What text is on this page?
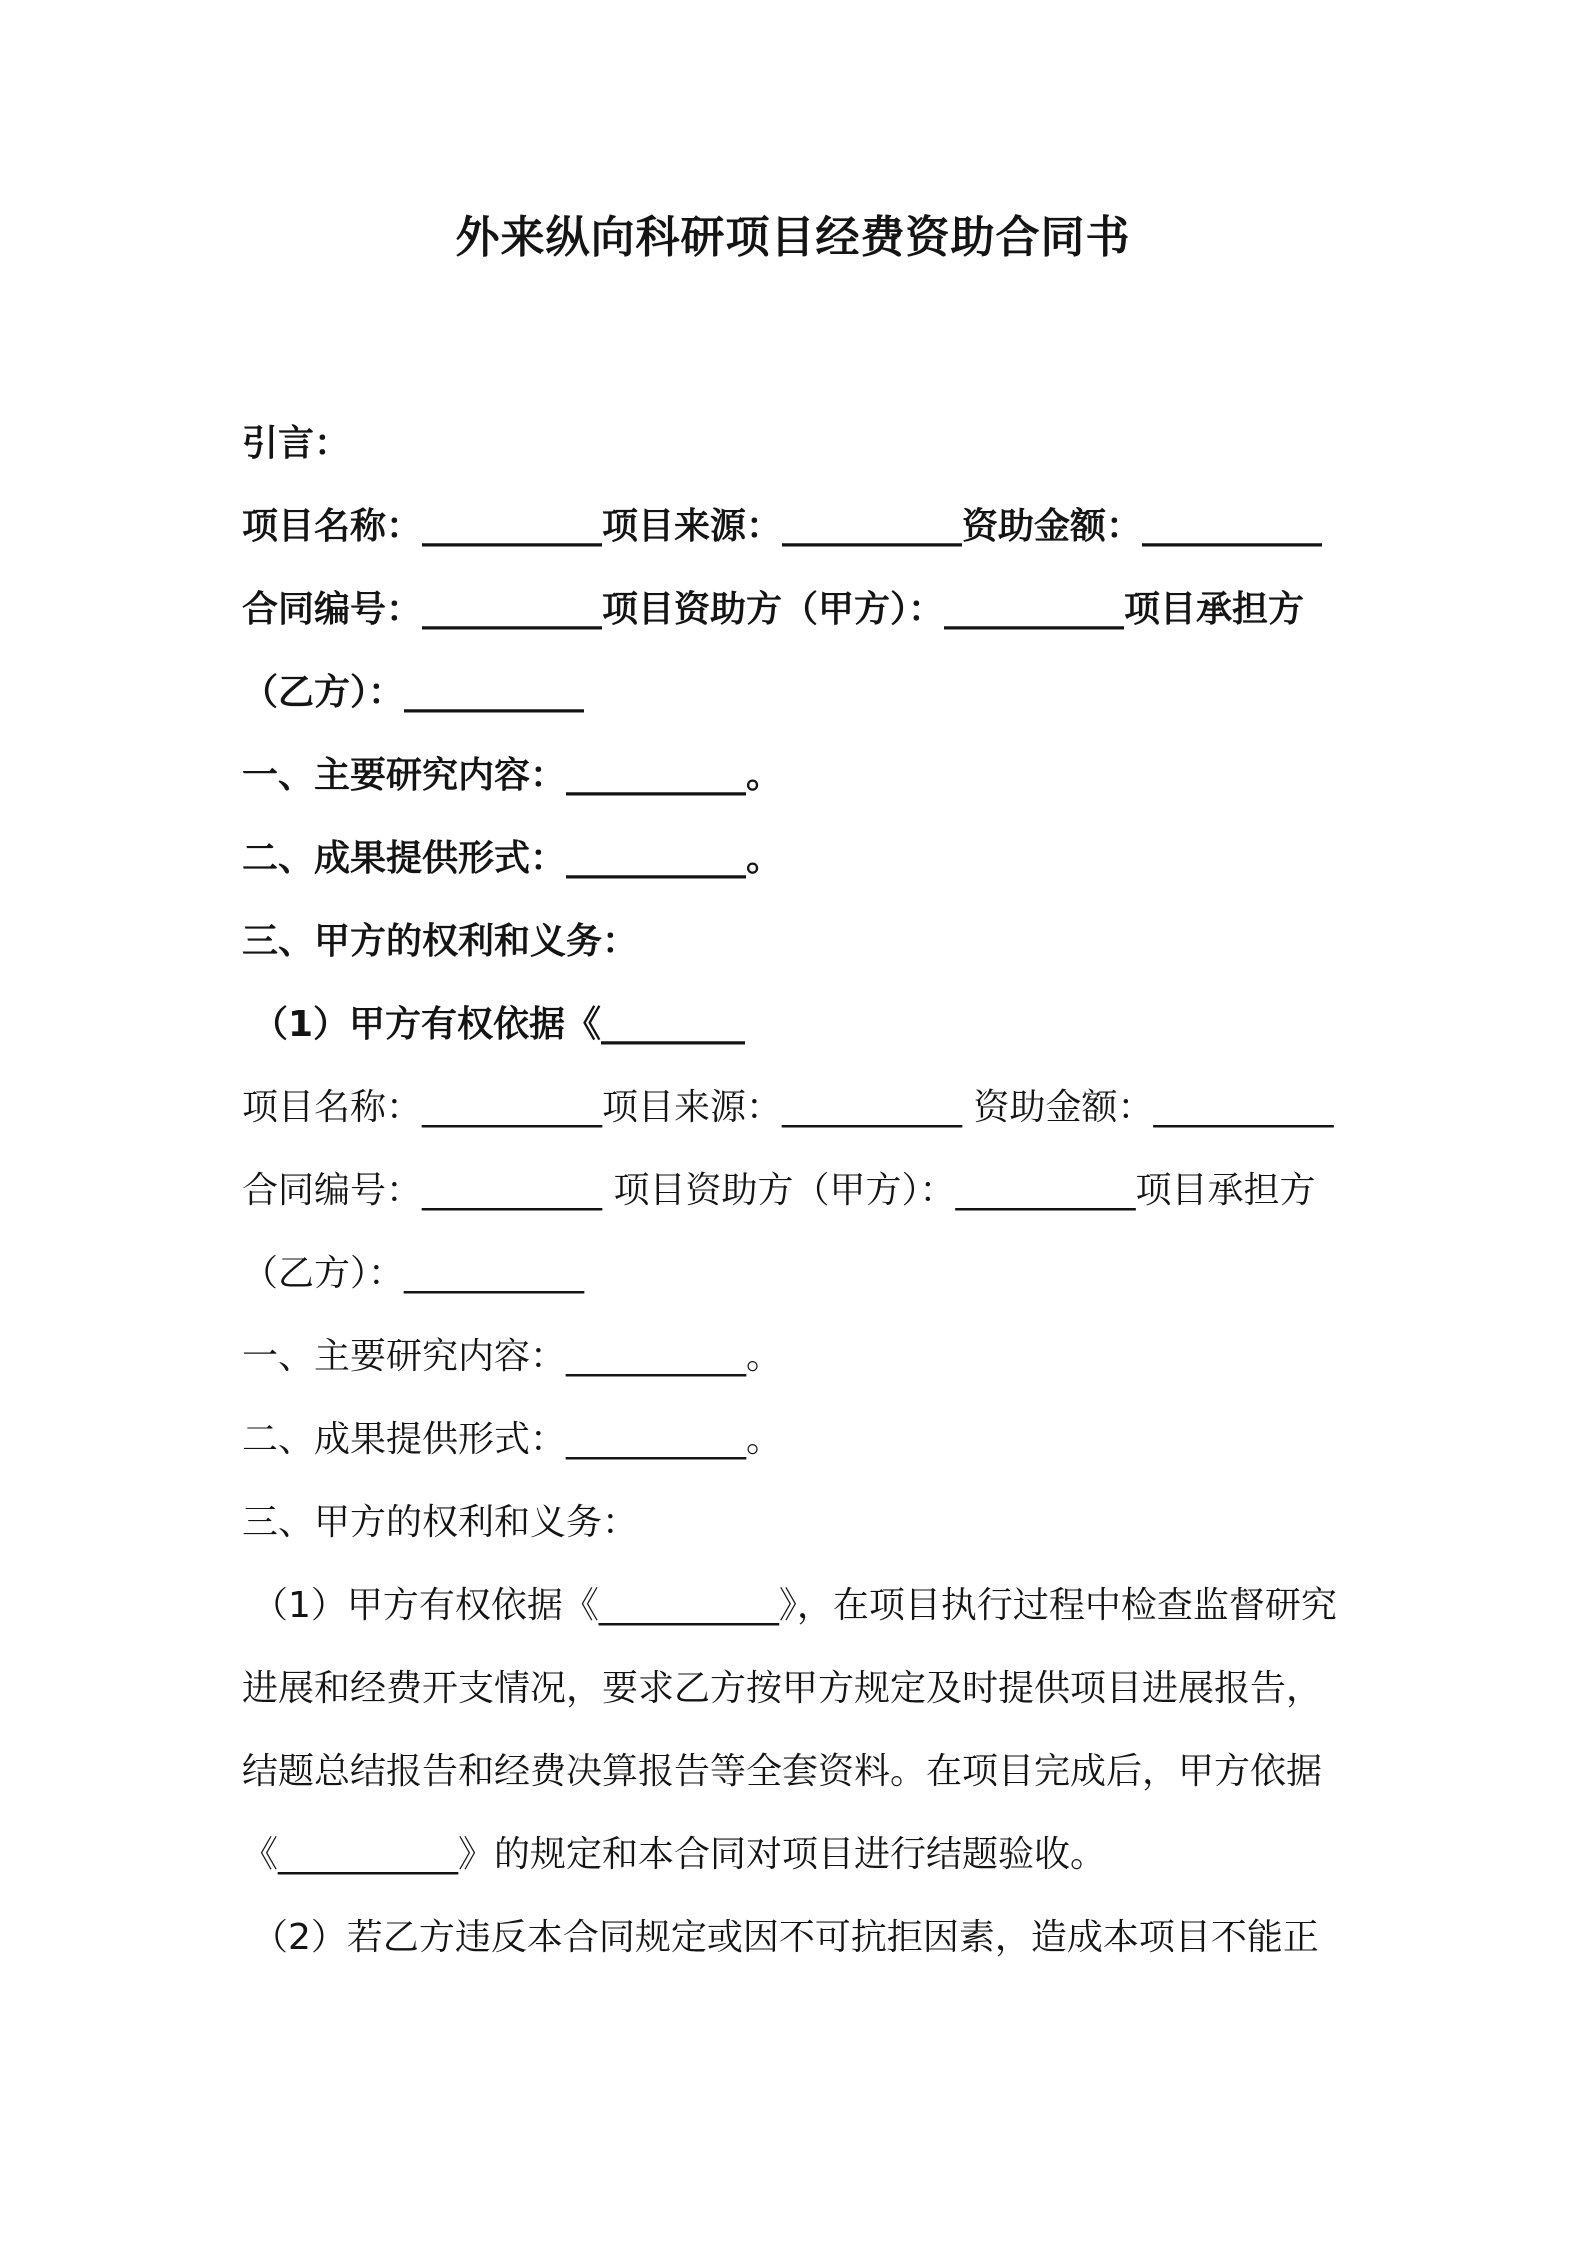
外来纵向科研项目经费资助合同书
引言：
项目名称：__________项目来源：__________资助金额：__________
合同编号：__________项目资助方（甲方）：__________项目承担方
（乙方）：__________
一、主要研究内容：__________。
二、成果提供形式：__________。
三、甲方的权利和义务：
（1）甲方有权依据《________
项目名称：__________项目来源：__________ 资助金额：__________
合同编号：__________ 项目资助方（甲方）：__________项目承担方
（乙方）：__________
一、主要研究内容：__________。
二、成果提供形式：__________。
三、甲方的权利和义务：
（1）甲方有权依据《__________》，在项目执行过程中检查监督研究
进展和经费开支情况，要求乙方按甲方规定及时提供项目进展报告，
结题总结报告和经费决算报告等全套资料。在项目完成后，甲方依据
《__________》的规定和本合同对项目进行结题验收。
（2）若乙方违反本合同规定或因不可抗拒因素，造成本项目不能正
